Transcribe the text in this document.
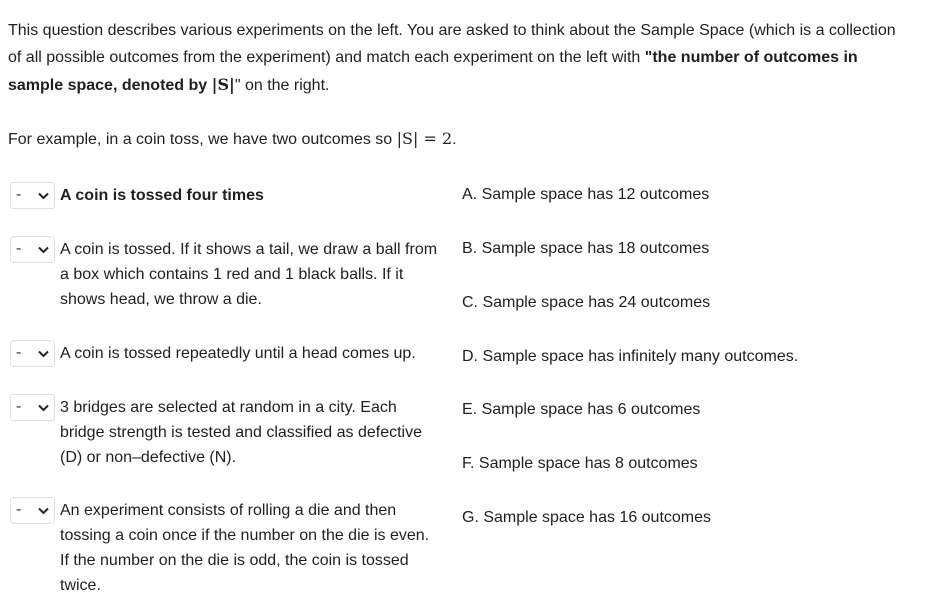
This question describes various experiments on the left. You are asked to think about the Sample Space (which is a collection of all possible outcomes from the experiment) and match each experiment on the left with "the number of outcomes in sample space, denoted by |S|" on the right.

For example, in a coin toss, we have two outcomes so |S| = 2.

- A coin is tossed four times

- A coin is tossed. If it shows a tail, we draw a ball from a box which contains 1 red and 1 black balls. If it shows head, we throw a die.

- A coin is tossed repeatedly until a head comes up.

- 3 bridges are selected at random in a city. Each bridge strength is tested and classified as defective (D) or non–defective (N).

- An experiment consists of rolling a die and then tossing a coin once if the number on the die is even. If the number on the die is odd, the coin is tossed twice.

A. Sample space has 12 outcomes

B. Sample space has 18 outcomes

C. Sample space has 24 outcomes

D. Sample space has infinitely many outcomes.

E. Sample space has 6 outcomes

F. Sample space has 8 outcomes

G. Sample space has 16 outcomes
